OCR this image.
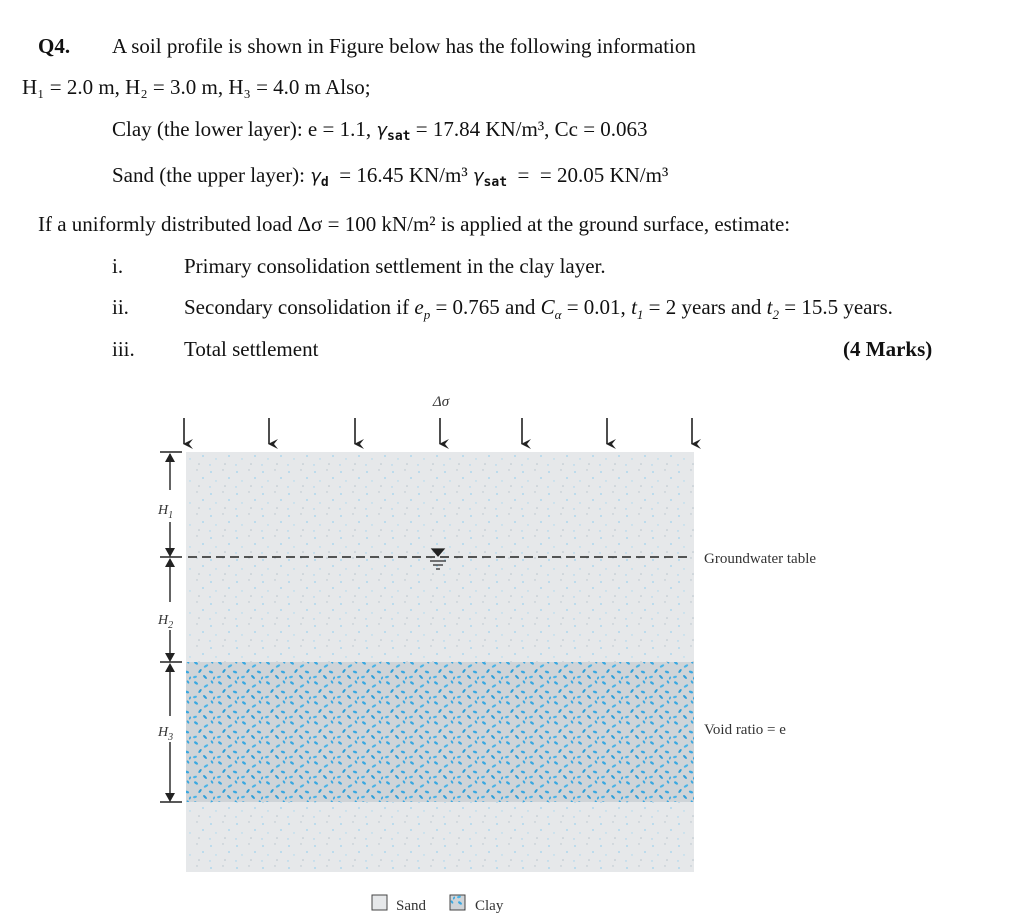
Q4. A soil profile is shown in Figure below has the following information
H₁ = 2.0 m, H₂ = 3.0 m, H₃ = 4.0 m Also;
Clay (the lower layer): e = 1.1, γsat = 17.84 KN/m³, Cc = 0.063
Sand (the upper layer): γd  = 16.45 KN/m³ γsat  =  = 20.05 KN/m³
If a uniformly distributed load Δσ = 100 kN/m² is applied at the ground surface, estimate:
i.	Primary consolidation settlement in the clay layer.
ii.	Secondary consolidation if $e_p = 0.765$ and $C_\alpha = 0.01$, $t_1 = 2$ years and $t_2 = 15.5$ years.
iii. Total settlement	(4 Marks)
Δσ
Groundwater table
Void ratio = e
$H_1$
$H_2$
$H_3$
Sand	Clay
